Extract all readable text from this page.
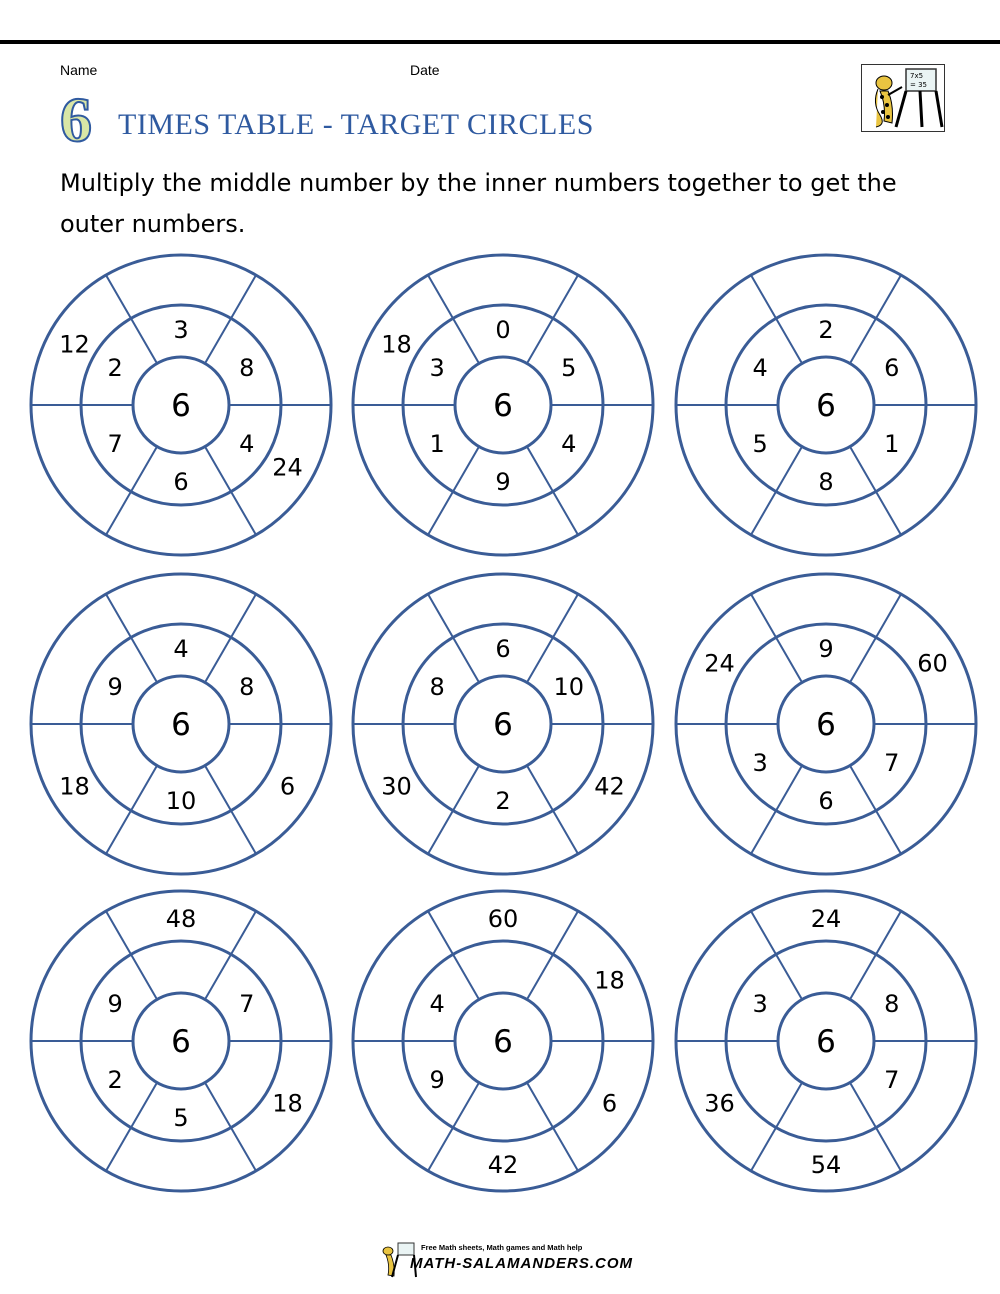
Name	Date
6 TIMES TABLE - TARGET CIRCLES
7x5
= 35
Multiply the middle number by the inner numbers together to get the outer numbers.
6
3
8
4
6
7
2
24
12
6
0
5
4
9
1
3
18
6
2
6
1
8
5
4
6
4
8
10
9
6
18
6
6
10
2
8
42
30
6
9
7
6
3
60
24
6
7
5
2
9
48
18
6
9
4
60
18
6
42
6
8
7
3
24
54
36
Free Math sheets, Math games and Math help
MATH-SALAMANDERS.COM
